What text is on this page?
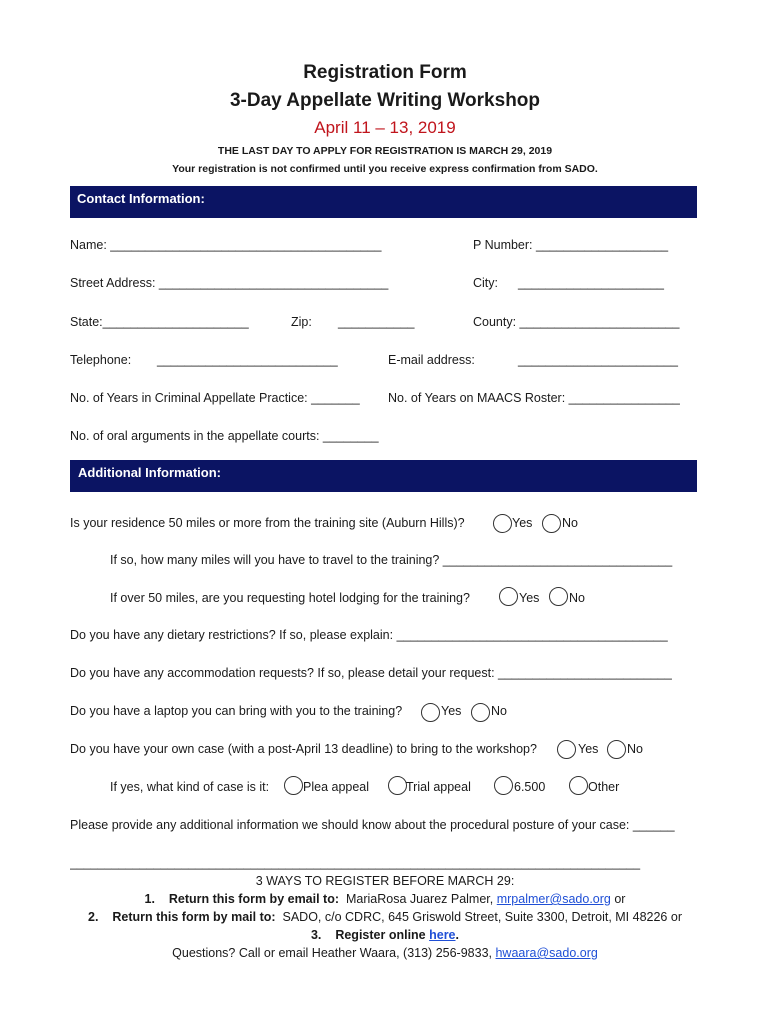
Registration Form
3-Day Appellate Writing Workshop
April 11 – 13, 2019
THE LAST DAY TO APPLY FOR REGISTRATION IS MARCH 29, 2019
Your registration is not confirmed until you receive express confirmation from SADO.
Contact Information:
Name: _______________________________________	P Number: ___________________
Street Address: _________________________________	City: _____________________
State:_____________________	Zip: ___________	County: _______________________
Telephone: __________________________	E-mail address:	_______________________
No. of Years in Criminal Appellate Practice: _______ No. of Years on MAACS Roster: ________________
No. of oral arguments in the appellate courts: ________
Additional Information:
Is your residence 50 miles or more from the training site (Auburn Hills)?	Yes No
If so, how many miles will you have to travel to the training? _________________________________
If over 50 miles, are you requesting hotel lodging for the training?	Yes No
Do you have any dietary restrictions? If so, please explain: _______________________________________
Do you have any accommodation requests? If so, please detail your request: _________________________
Do you have a laptop you can bring with you to the training?	Yes No
Do you have your own case (with a post-April 13 deadline) to bring to the workshop?	Yes No
If yes, what kind of case is it:	Plea appeal	Trial appeal	6.500	Other
Please provide any additional information we should know about the procedural posture of your case: ______
__________________________________________________________________________________
3 WAYS TO REGISTER BEFORE MARCH 29:
1. Return this form by email to: MariaRosa Juarez Palmer, mrpalmer@sado.org or
2. Return this form by mail to: SADO, c/o CDRC, 645 Griswold Street, Suite 3300, Detroit, MI 48226 or
3. Register online here.
Questions? Call or email Heather Waara, (313) 256-9833, hwaara@sado.org
